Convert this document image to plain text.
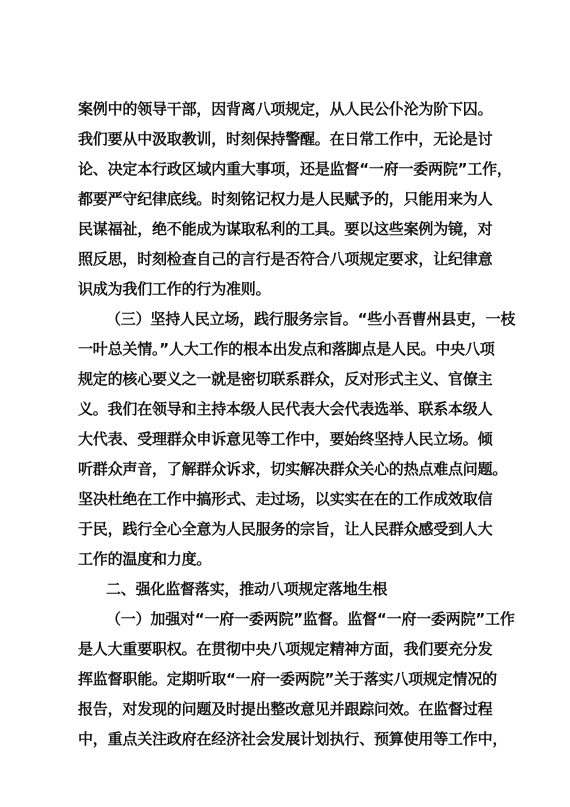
案例中的领导干部，因背离八项规定，从人民公仆沦为阶下囚。
我们要从中汲取教训，时刻保持警醒。在日常工作中，无论是讨
论、决定本行政区域内重大事项，还是监督“一府一委两院”工作，
都要严守纪律底线。时刻铭记权力是人民赋予的，只能用来为人
民谋福祉，绝不能成为谋取私利的工具。要以这些案例为镜，对
照反思，时刻检查自己的言行是否符合八项规定要求，让纪律意
识成为我们工作的行为准则。
（三）坚持人民立场，践行服务宗旨。“些小吾曹州县吏，一枝
一叶总关情。”人大工作的根本出发点和落脚点是人民。中央八项
规定的核心要义之一就是密切联系群众，反对形式主义、官僚主
义。我们在领导和主持本级人民代表大会代表选举、联系本级人
大代表、受理群众申诉意见等工作中，要始终坚持人民立场。倾
听群众声音，了解群众诉求，切实解决群众关心的热点难点问题。
坚决杜绝在工作中搞形式、走过场，以实实在在的工作成效取信
于民，践行全心全意为人民服务的宗旨，让人民群众感受到人大
工作的温度和力度。
二、强化监督落实，推动八项规定落地生根
（一）加强对“一府一委两院”监督。监督“一府一委两院”工作
是人大重要职权。在贯彻中央八项规定精神方面，我们要充分发
挥监督职能。定期听取“一府一委两院”关于落实八项规定情况的
报告，对发现的问题及时提出整改意见并跟踪问效。在监督过程
中，重点关注政府在经济社会发展计划执行、预算使用等工作中，
